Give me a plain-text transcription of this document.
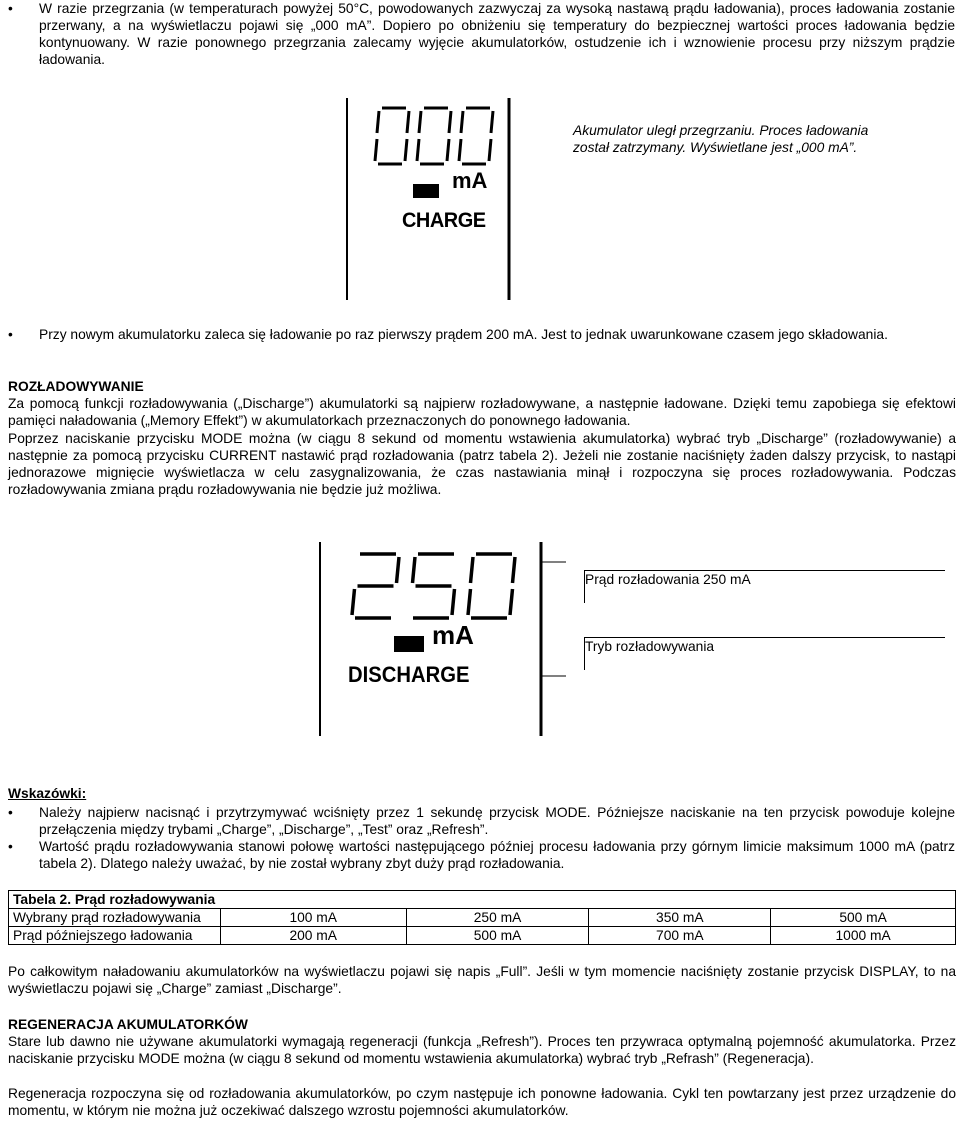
•	W razie przegrzania (w temperaturach powyżej 50°C, powodowanych zazwyczaj za wysoką nastawą prądu ładowania), proces ładowania zostanie przerwany, a na wyświetlaczu pojawi się „000 mA”. Dopiero po obniżeniu się temperatury do bezpiecznej wartości proces ładowania będzie kontynuowany. W razie ponownego przegrzania zalecamy wyjęcie akumulatorków, ostudzenie ich i wznowienie procesu przy niższym prądzie ładowania.
mA
CHARGE
Akumulator uległ przegrzaniu. Proces ładowania został zatrzymany. Wyświetlane jest „000 mA”.
•	Przy nowym akumulatorku zaleca się ładowanie po raz pierwszy prądem 200 mA. Jest to jednak uwarunkowane czasem jego składowania.
ROZŁADOWYWANIE
Za pomocą funkcji rozładowywania („Discharge”) akumulatorki są najpierw rozładowywane, a następnie ładowane. Dzięki temu zapobiega się efektowi pamięci naładowania („Memory Effekt”) w akumulatorkach przeznaczonych do ponownego ładowania.
Poprzez naciskanie przycisku MODE można (w ciągu 8 sekund od momentu wstawienia akumulatorka) wybrać tryb „Discharge” (rozładowywanie) a następnie za pomocą przycisku CURRENT nastawić prąd rozładowania (patrz tabela 2). Jeżeli nie zostanie naciśnięty żaden dalszy przycisk, to nastąpi jednorazowe mignięcie wyświetlacza w celu zasygnalizowania, że czas nastawiania minął i rozpoczyna się proces rozładowywania. Podczas rozładowywania zmiana prądu rozładowywania nie będzie już możliwa.
mA
DISCHARGE
Prąd rozładowania 250 mA
Tryb rozładowywania
Wskazówki:
•	Należy najpierw nacisnąć i przytrzymywać wciśnięty przez 1 sekundę przycisk MODE. Późniejsze naciskanie na ten przycisk powoduje kolejne przełączenia między trybami „Charge”, „Discharge”, „Test” oraz „Refresh”.
•	Wartość prądu rozładowywania stanowi połowę wartości następującego później procesu ładowania przy górnym limicie maksimum 1000 mA (patrz tabela 2). Dlatego należy uważać, by nie został wybrany zbyt duży prąd rozładowania.
Tabela 2. Prąd rozładowywania				
Wybrany prąd rozładowywania	100 mA	250 mA	350 mA	500 mA
Prąd późniejszego ładowania	200 mA	500 mA	700 mA	1000 mA
Po całkowitym naładowaniu akumulatorków na wyświetlaczu pojawi się napis „Full”. Jeśli w tym momencie naciśnięty zostanie przycisk DISPLAY, to na wyświetlaczu pojawi się „Charge” zamiast „Discharge”.
REGENERACJA AKUMULATORKÓW
Stare lub dawno nie używane akumulatorki wymagają regeneracji (funkcja „Refresh”). Proces ten przywraca optymalną pojemność akumulatorka. Przez naciskanie przycisku MODE można (w ciągu 8 sekund od momentu wstawienia akumulatorka) wybrać tryb „Refrash” (Regeneracja).
Regeneracja rozpoczyna się od rozładowania akumulatorków, po czym następuje ich ponowne ładowania. Cykl ten powtarzany jest przez urządzenie do momentu, w którym nie można już oczekiwać dalszego wzrostu pojemności akumulatorków.
